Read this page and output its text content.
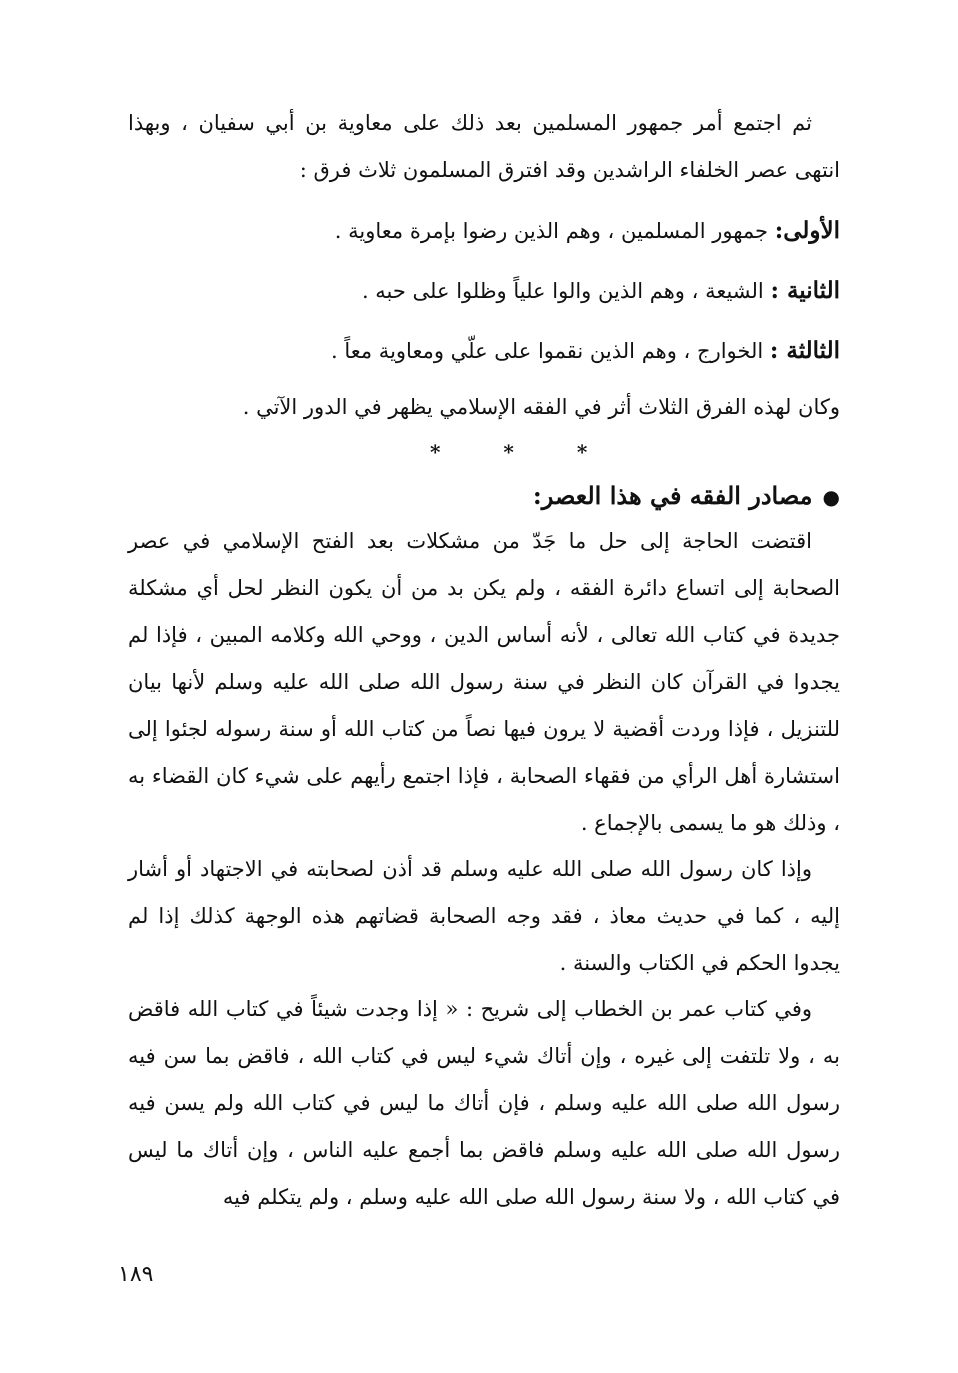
ثم اجتمع أمر جمهور المسلمين بعد ذلك على معاوية بن أبي سفيان ، وبهذا انتهى عصر الخلفاء الراشدين وقد افترق المسلمون ثلاث فرق :

الأولى: جمهور المسلمين ، وهم الذين رضوا بإمرة معاوية .
الثانية : الشيعة ، وهم الذين والوا علياً وظلوا على حبه .
الثالثة : الخوارج ، وهم الذين نقموا على علّي ومعاوية معاً .
وكان لهذه الفرق الثلاث أثر في الفقه الإسلامي يظهر في الدور الآتي .
* * *
●مصادر الفقه في هذا العصر:

اقتضت الحاجة إلى حل ما جَدّ من مشكلات بعد الفتح الإسلامي في عصر الصحابة إلى اتساع دائرة الفقه ، ولم يكن بد من أن يكون النظر لحل أي مشكلة جديدة في كتاب الله تعالى ، لأنه أساس الدين ، ووحي الله وكلامه المبين ، فإذا لم يجدوا في القرآن كان النظر في سنة رسول الله صلى الله عليه وسلم لأنها بيان للتنزيل ، فإذا وردت أقضية لا يرون فيها نصاً من كتاب الله أو سنة رسوله لجئوا إلى استشارة أهل الرأي من فقهاء الصحابة ، فإذا اجتمع رأيهم على شيء كان القضاء به ، وذلك هو ما يسمى بالإجماع .

وإذا كان رسول الله صلى الله عليه وسلم قد أذن لصحابته في الاجتهاد أو أشار إليه ، كما في حديث معاذ ، فقد وجه الصحابة قضاتهم هذه الوجهة كذلك إذا لم يجدوا الحكم في الكتاب والسنة .

وفي كتاب عمر بن الخطاب إلى شريح : « إذا وجدت شيئاً في كتاب الله فاقض به ، ولا تلتفت إلى غيره ، وإن أتاك شيء ليس في كتاب الله ، فاقض بما سن فيه رسول الله صلى الله عليه وسلم ، فإن أتاك ما ليس في كتاب الله ولم يسن فيه رسول الله صلى الله عليه وسلم فاقض بما أجمع عليه الناس ، وإن أتاك ما ليس في كتاب الله ، ولا سنة رسول الله صلى الله عليه وسلم ، ولم يتكلم فيه

١٨٩
